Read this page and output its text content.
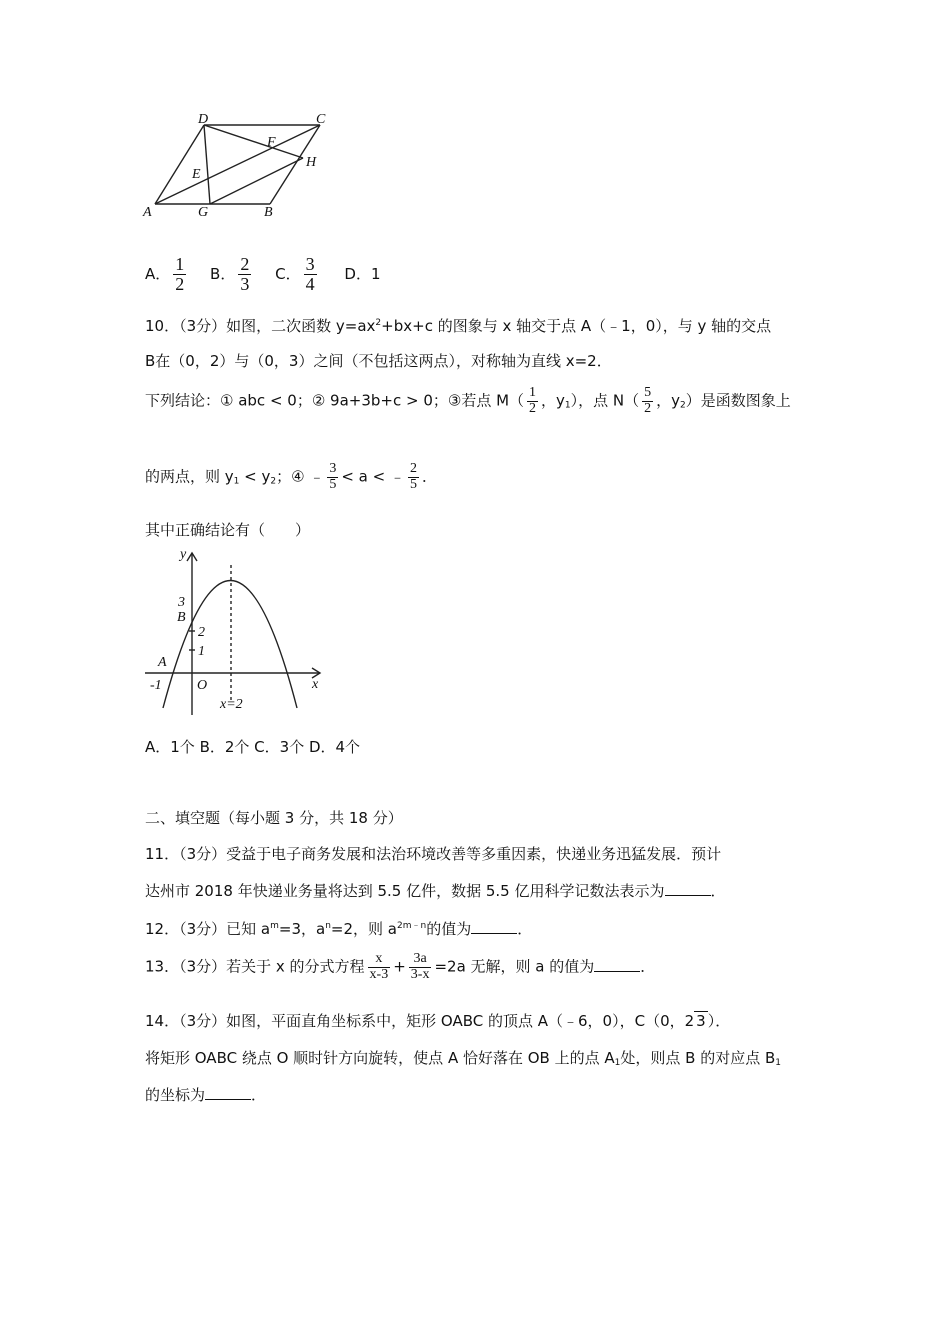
D	C
F
H
E
A	G	B
A． $\frac{1}{2}$ B． $\frac{2}{3}$ C． $\frac{3}{4}$ D．1
10．（3分）如图，二次函数 $y=ax^2+bx+c$ 的图象与 x 轴交于点 A（﹣1，0），与 y 轴的交点
B在（0，2）与（0，3）之间（不包括这两点），对称轴为直线 x=2．
下列结论：① abc < 0；② 9a+3b+c > 0；③若点 $M( \frac{1}{2}$ ，$y_1$），点 $N( \frac{5}{2}$ ，$y_2$）是函数图象上
的两点，则 $y_1 < y_2$；④ ﹣ $\frac{3}{5} < a$ < ﹣ $\frac{2}{5}$ ．
其中正确结论有（　　）
y
x
3
B
2
1
A
-1	O
x=2
A．1个 B．2个 C．3个 D．4个
二、填空题（每小题 3 分，共 18 分）
11．（3分）受益于电子商务发展和法治环境改善等多重因素，快递业务迅猛发展．预计
达州市 2018 年快递业务量将达到 5.5 亿件，数据 5.5 亿用科学记数法表示为	．
12．（3分）已知 $a^m=3$，$a^n=2$，则 $a^{2m﹣n}$的值为	．
13．（3分）若关于 x 的分式方程 $\frac{x}{x-3} + \frac{3a}{3-x} =2a$ 无解，则 a 的值为	．
14．（3分）如图，平面直角坐标系中，矩形 OABC 的顶点 A（﹣6，0），C（0，2 3 ）．
将矩形 OABC 绕点 O 顺时针方向旋转，使点 A 恰好落在 OB 上的点 $A_1$处，则点 B 的对应点 $B_1$
的坐标为	．
